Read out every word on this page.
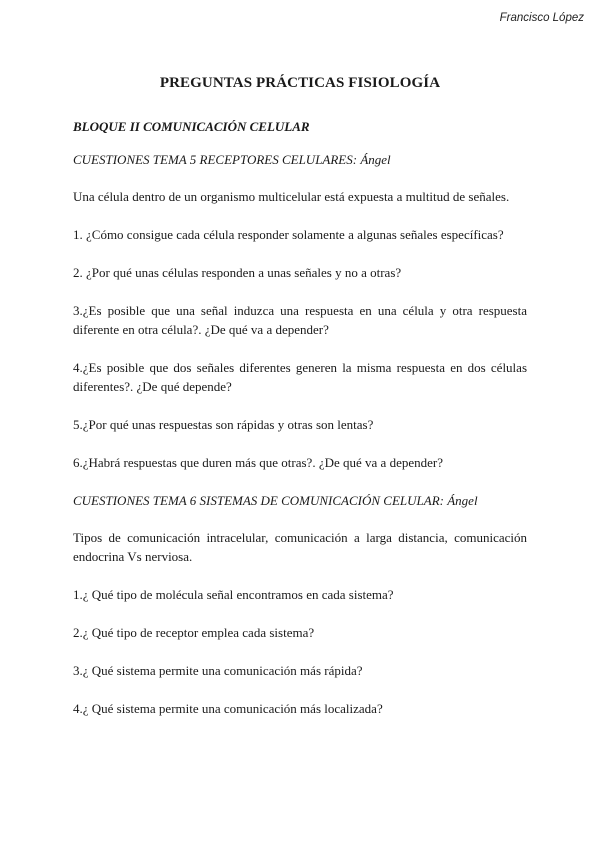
Francisco López
PREGUNTAS PRÁCTICAS FISIOLOGÍA
BLOQUE II COMUNICACIÓN CELULAR
CUESTIONES TEMA 5 RECEPTORES CELULARES: Ángel
Una célula dentro de un organismo multicelular está expuesta a multitud de señales.
1. ¿Cómo consigue cada célula responder solamente a algunas señales específicas?
2. ¿Por qué unas células responden a unas señales y no a otras?
3.¿Es posible que una señal induzca una respuesta en una célula y otra respuesta diferente en otra célula?. ¿De qué va a depender?
4.¿Es posible que dos señales diferentes generen la misma respuesta en dos células diferentes?. ¿De qué depende?
5.¿Por qué unas respuestas son rápidas y otras son lentas?
6.¿Habrá respuestas que duren más que otras?. ¿De qué va a depender?
CUESTIONES TEMA 6 SISTEMAS DE COMUNICACIÓN CELULAR: Ángel
Tipos de comunicación intracelular, comunicación a larga distancia, comunicación endocrina Vs nerviosa.
1.¿ Qué tipo de molécula señal encontramos en cada sistema?
2.¿ Qué tipo de receptor emplea cada sistema?
3.¿ Qué sistema permite una comunicación más rápida?
4.¿ Qué sistema permite una comunicación más localizada?
